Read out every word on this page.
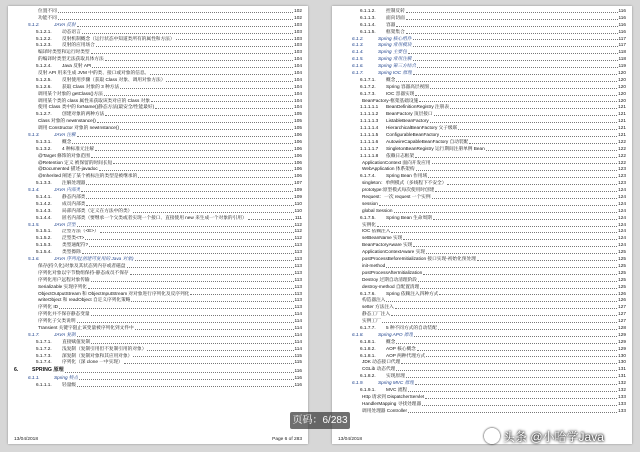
位置不同	102
功能不同	102
5.1.2.	JAVA 反射	103
5.1.2.1.	动态语言	103
5.1.2.2.	反射机制概念（运行状态中知道类所有的属性和方法）	103
5.1.2.3.	反射的应用场合	103
编译时类型和运行时类型	103
的编译时类型无法获取具体方法	104
5.1.2.4.	Java 反射 API	104
反射 API 用来生成 JVM 中的类、接口或对象的信息。	104
5.1.2.5.	反射使用步骤（获取 Class 对象、调用对象方法）	104
5.1.2.6.	获取 Class 对象的 3 种方法	104
调用某个对象的 getClass()方法	104
调用某个类的 class 属性来获取该类对应的 Class 对象	104
使用 Class 类中的 forName()静态方法(最安全/性能最好)	104
5.1.2.7.	创建对象的两种方法	105
Class 对象的 newInstance()	105
调用 Constructor 对象的 newInstance()	105
5.1.3.	JAVA 注解	106
5.1.3.1.	概念	106
5.1.3.2.	4 种标准元注解	106
@Target 修饰的对象范围	106
@Retention 定义 被保留的时间长短	106
@Documented 描述-javadoc	106
@Inherited 阐述了某个被标注的类型是被继承的	106
5.1.3.3.	注解处理器	107
5.1.4.	JAVA 内部类	109
5.1.4.1.	静态内部类	109
5.1.4.2.	成员内部类	110
5.1.4.3.	局部内部类（定义在方法中的类）	110
5.1.4.4.	匿名内部类（要继承一个父类或者实现一个接口、直接使用 new 来生成一个对象的引用）	111
5.1.5.	JAVA 泛型	112
5.1.5.1.	泛型方法（<E>）	112
5.1.5.2.	泛型类<T>	112
5.1.5.3.	类型通配符?	113
5.1.5.4.	类型擦除	113
5.1.6.	JAVA 序列化(创建可复用的 Java 对象)	113
保存(持久化)对象及其状态到内存或者磁盘	113
序列化对象以字节数组保持-静态成员不保存	113
序列化用户远程对象传输	113
Serializable 实现序列化	113
ObjectOutputStream 和 ObjectInputStream 对对象进行序列化及反序列化	113
writeObject 和 readObject 自定义序列化策略	113
序列化 ID	113
序列化并不保存静态变量	114
序列化子父类说明	114
Transient 关键字阻止该变量被序列化到文件中	114
5.1.7.	JAVA 复制	114
5.1.7.1.	直接赋值复制	114
5.1.7.2.	浅复制（复制引用但不复制引用的对象）	114
5.1.7.3.	深复制（复制对象和其应用对象）	115
5.1.7.4.	序列化（深 clone 一中实现）	115
6.	SPRING 原理	116
6.1.1.	Spring 特点	116
6.1.1.1.	轻量级	116
13/04/2018	Page 6 of 283
6.1.1.2.	控制反转	116
6.1.1.3.	面向切面	116
6.1.1.4.	容器	116
6.1.1.5.	框架集合	116
6.1.2.	Spring 核心组件	117
6.1.3.	Spring 常用模块	117
6.1.4.	Spring 主要包	118
6.1.5.	Spring 常用注解	118
6.1.6.	Spring 第三方结合	119
6.1.7.	Spring IOC 原理	120
6.1.7.1.	概念	120
6.1.7.2.	Spring 容器高层视图	120
6.1.7.3.	IOC 容器实现	120
BeanFactory-框架基础设施	120
1.1.1.1.1	BeanDefinitionRegistry 注册表	121
1.1.1.1.2	BeanFactory 顶层接口	121
1.1.1.1.3	ListableBeanFactory	121
1.1.1.1.4	HierarchicalBeanFactory 父子级联	121
1.1.1.1.5	ConfigurableBeanFactory	121
1.1.1.1.6	AutowireCapableBeanFactory 自动装配	122
1.1.1.1.7	SingletonBeanRegistry 运行期间注册单例 Bean	122
1.1.1.1.8	依赖日志框架	122
ApplicationContext 面向开发应用	122
WebApplication 体系架构	123
6.1.7.4.	Spring Bean 作用域	123
singleton：单例模式（多线程下不安全）	123
prototype:原型模式每次使用时创建	124
Request：一次 request 一个实例	124
session	124
global Session	124
6.1.7.5.	Spring Bean 生命周期	124
实例化	124
IOC 依赖注入	124
setBeanName 实现	124
BeanFactoryAware 实现	124
ApplicationContextAware 实现	125
postProcessBeforeInitialization 接口实现-初始化预处理	125
init-method	125
postProcessAfterInitialization	125
Destroy 过期自动清理阶段	125
destroy-method 自配置清理	125
6.1.7.6.	Spring 依赖注入四种方式	126
构造器注入	126
setter 方法注入	127
静态工厂注入	127
实例工厂	127
6.1.7.7.	5 种不同方式的自动装配	128
6.1.8.	Spring APO 原理	129
6.1.8.1.	概念	129
6.1.8.2.	AOP 核心概念	129
6.1.8.1.	AOP 两种代理方式	130
JDK 动态接口代理	130
CGLib 动态代理	131
6.1.8.2.	实现原理	131
6.1.9.	Spring MVC 原理	132
6.1.9.1.	MVC 流程	132
Http 请求到 DispatcherServlet	133
HandlerMapping 寻找处理器	133
调用处理器 Controller	133
13/04/2018
页码：6/283
头条 @小哈学Java
